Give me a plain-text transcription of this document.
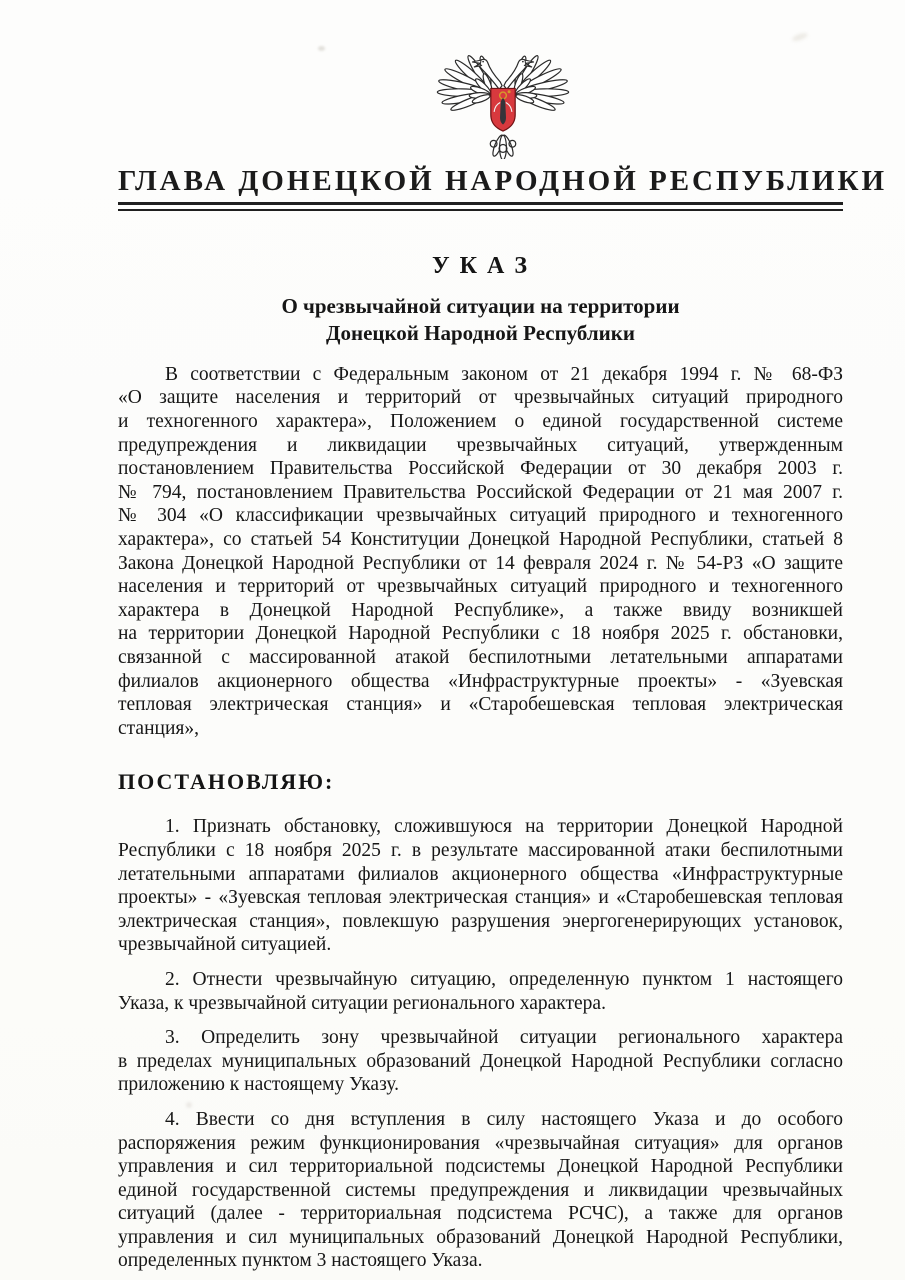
ГЛАВА ДОНЕЦКОЙ НАРОДНОЙ РЕСПУБЛИКИ
У К А З
О чрезвычайной ситуации на территории
Донецкой Народной Республики
В соответствии с Федеральным законом от 21 декабря 1994 г. № 68-ФЗ
«О защите населения и территорий от чрезвычайных ситуаций природного
и техногенного характера», Положением о единой государственной системе
предупреждения и ликвидации чрезвычайных ситуаций, утвержденным
постановлением Правительства Российской Федерации от 30 декабря 2003 г.
№ 794, постановлением Правительства Российской Федерации от 21 мая 2007 г.
№ 304 «О классификации чрезвычайных ситуаций природного и техногенного
характера», со статьей 54 Конституции Донецкой Народной Республики, статьей 8
Закона Донецкой Народной Республики от 14 февраля 2024 г. № 54-РЗ «О защите
населения и территорий от чрезвычайных ситуаций природного и техногенного
характера в Донецкой Народной Республике», а также ввиду возникшей
на территории Донецкой Народной Республики с 18 ноября 2025 г. обстановки,
связанной с массированной атакой беспилотными летательными аппаратами
филиалов акционерного общества «Инфраструктурные проекты» - «Зуевская
тепловая электрическая станция» и «Старобешевская тепловая электрическая
станция»,
ПОСТАНОВЛЯЮ:
1. Признать обстановку, сложившуюся на территории Донецкой Народной
Республики с 18 ноября 2025 г. в результате массированной атаки беспилотными
летательными аппаратами филиалов акционерного общества «Инфраструктурные
проекты» - «Зуевская тепловая электрическая станция» и «Старобешевская тепловая
электрическая станция», повлекшую разрушения энергогенерирующих установок,
чрезвычайной ситуацией.
2. Отнести чрезвычайную ситуацию, определенную пунктом 1 настоящего
Указа, к чрезвычайной ситуации регионального характера.
3. Определить зону чрезвычайной ситуации регионального характера
в пределах муниципальных образований Донецкой Народной Республики согласно
приложению к настоящему Указу.
4. Ввести со дня вступления в силу настоящего Указа и до особого
распоряжения режим функционирования «чрезвычайная ситуация» для органов
управления и сил территориальной подсистемы Донецкой Народной Республики
единой государственной системы предупреждения и ликвидации чрезвычайных
ситуаций (далее - территориальная подсистема РСЧС), а также для органов
управления и сил муниципальных образований Донецкой Народной Республики,
определенных пунктом 3 настоящего Указа.
